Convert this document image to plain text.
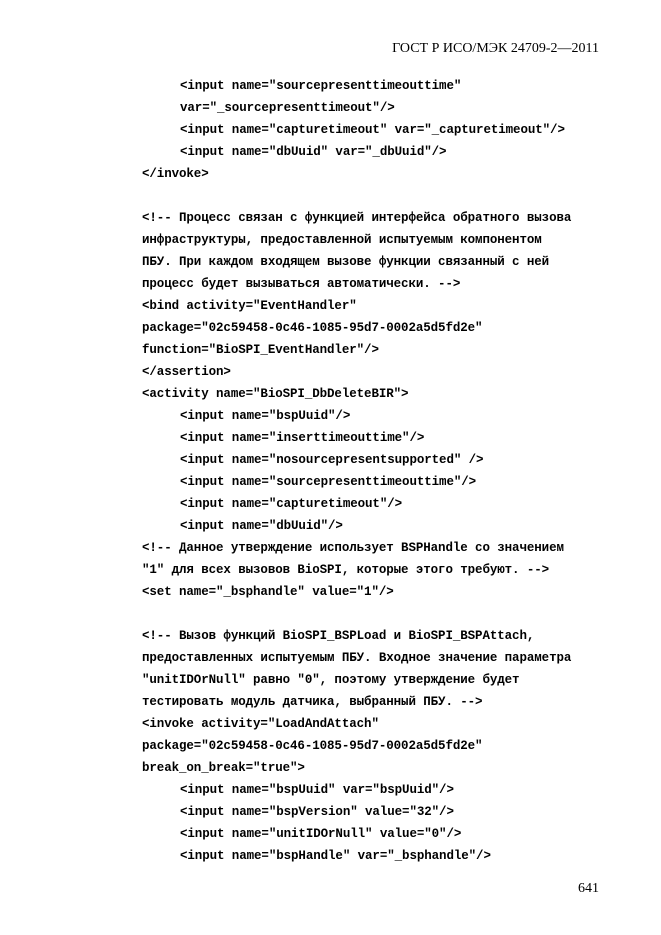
ГОСТ Р ИСО/МЭК 24709-2—2011
<input name="sourcepresenttimeouttime"
var="_sourcepresenttimeout"/>
<input name="capturetimeout" var="_capturetimeout"/>
<input name="dbUuid" var="_dbUuid"/>
</invoke>
<!-- Процесс связан с функцией интерфейса обратного вызова
инфраструктуры, предоставленной испытуемым компонентом
ПБУ. При каждом входящем вызове функции связанный с ней
процесс будет вызываться автоматически. -->
<bind activity="EventHandler"
package="02c59458-0c46-1085-95d7-0002a5d5fd2e"
function="BioSPI_EventHandler"/>
</assertion>
<activity name="BioSPI_DbDeleteBIR">
<input name="bspUuid"/>
<input name="inserttimeouttime"/>
<input name="nosourcepresentsupported" />
<input name="sourcepresenttimeouttime"/>
<input name="capturetimeout"/>
<input name="dbUuid"/>
<!-- Данное утверждение использует BSPHandle со значением
"1" для всех вызовов BioSPI, которые этого требуют. -->
<set name="_bsphandle" value="1"/>
<!-- Вызов функций BioSPI_BSPLoad и BioSPI_BSPAttach,
предоставленных испытуемым ПБУ. Входное значение параметра
"unitIDOrNull" равно "0", поэтому утверждение будет
тестировать модуль датчика, выбранный ПБУ. -->
<invoke activity="LoadAndAttach"
package="02c59458-0c46-1085-95d7-0002a5d5fd2e"
break_on_break="true">
<input name="bspUuid" var="bspUuid"/>
<input name="bspVersion" value="32"/>
<input name="unitIDOrNull" value="0"/>
<input name="bspHandle" var="_bsphandle"/>
641
